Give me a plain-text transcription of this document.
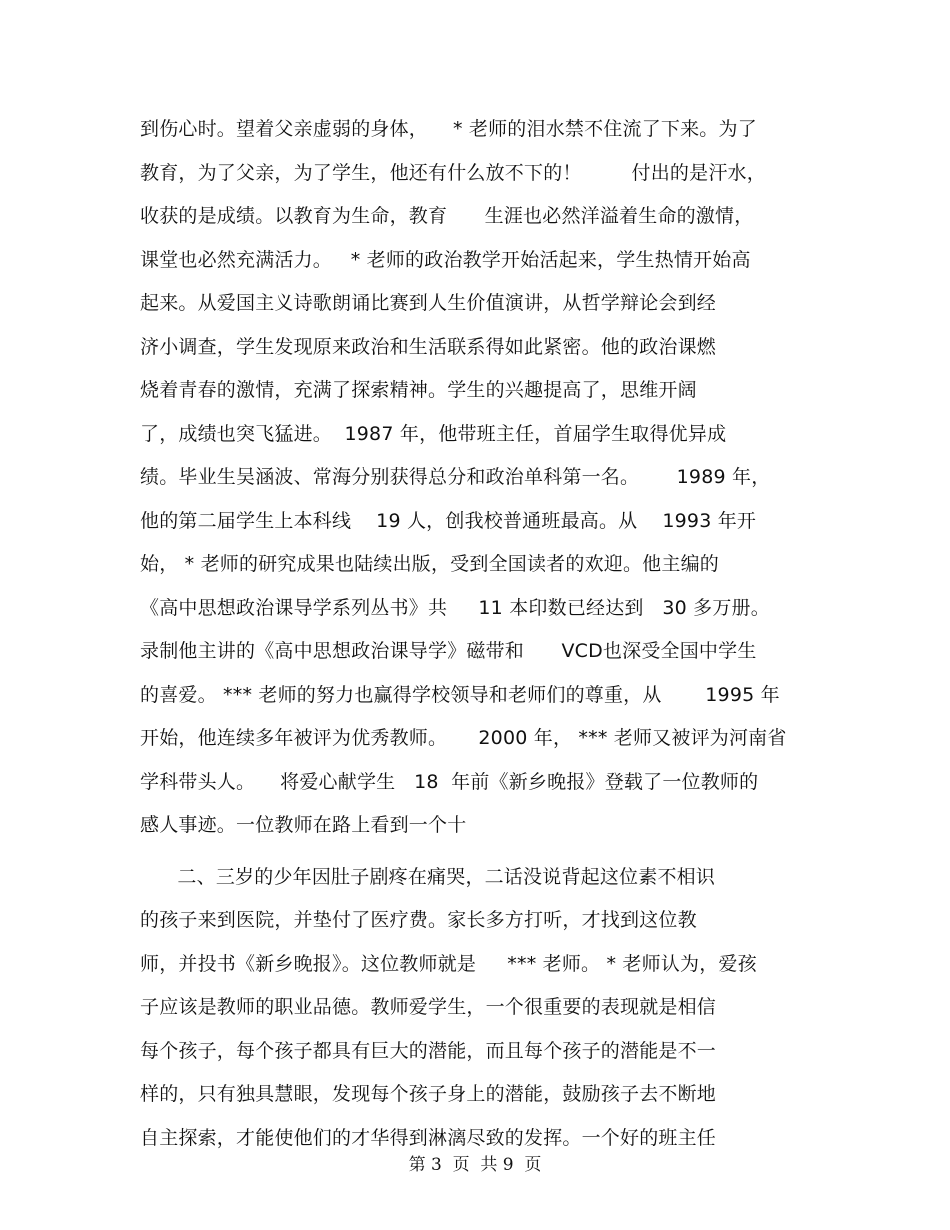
到伤心时。望着父亲虚弱的身体，    * 老师的泪水禁不住流了下来。为了
教育，为了父亲，为了学生，他还有什么放不下的！        付出的是汗水，
收获的是成绩。以教育为生命，教育      生涯也必然洋溢着生命的激情，
课堂也必然充满活力。   * 老师的政治教学开始活起来，学生热情开始高
起来。从爱国主义诗歌朗诵比赛到人生价值演讲，从哲学辩论会到经
济小调查，学生发现原来政治和生活联系得如此紧密。他的政治课燃
烧着青春的激情，充满了探索精神。学生的兴趣提高了，思维开阔
了，成绩也突飞猛进。  1987 年，他带班主任，首届学生取得优异成
绩。毕业生吴涵波、常海分别获得总分和政治单科第一名。      1989 年，
他的第二届学生上本科线    19 人，创我校普通班最高。从    1993 年开
始， * 老师的研究成果也陆续出版，受到全国读者的欢迎。他主编的
《高中思想政治课导学系列丛书》共     11 本印数已经达到   30 多万册。
录制他主讲的《高中思想政治课导学》磁带和      VCD也深受全国中学生
的喜爱。 *** 老师的努力也赢得学校领导和老师们的尊重，从       1995 年
开始，他连续多年被评为优秀教师。     2000 年， *** 老师又被评为河南省
学科带头人。    将爱心献学生   18  年前《新乡晚报》登载了一位教师的
感人事迹。一位教师在路上看到一个十
二、三岁的少年因肚子剧疼在痛哭，二话没说背起这位素不相识
的孩子来到医院，并垫付了医疗费。家长多方打听，才找到这位教
师，并投书《新乡晚报》。这位教师就是     *** 老师。 * 老师认为，爱孩
子应该是教师的职业品德。教师爱学生，一个很重要的表现就是相信
每个孩子，每个孩子都具有巨大的潜能，而且每个孩子的潜能是不一
样的，只有独具慧眼，发现每个孩子身上的潜能，鼓励孩子去不断地
自主探索，才能使他们的才华得到淋漓尽致的发挥。一个好的班主任
第 3  页  共 9  页
